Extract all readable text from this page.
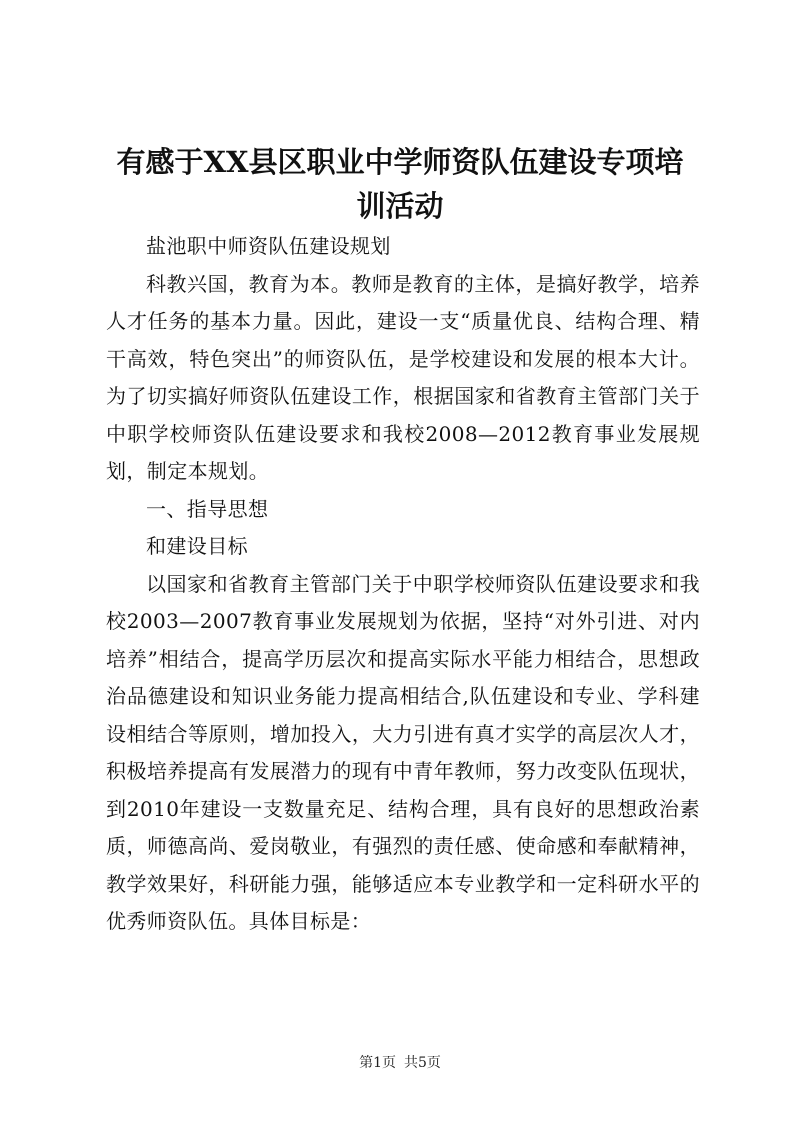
有感于XX县区职业中学师资队伍建设专项培
训活动

盐池职中师资队伍建设规划

科教兴国，教育为本。教师是教育的主体，是搞好教学，培养人才任务的基本力量。因此，建设一支“质量优良、结构合理、精干高效，特色突出”的师资队伍，是学校建设和发展的根本大计。为了切实搞好师资队伍建设工作，根据国家和省教育主管部门关于中职学校师资队伍建设要求和我校2008—2012教育事业发展规划，制定本规划。

一、指导思想

和建设目标

以国家和省教育主管部门关于中职学校师资队伍建设要求和我校2003—2007教育事业发展规划为依据，坚持“对外引进、对内培养”相结合，提高学历层次和提高实际水平能力相结合，思想政治品德建设和知识业务能力提高相结合,队伍建设和专业、学科建设相结合等原则，增加投入，大力引进有真才实学的高层次人才，积极培养提高有发展潜力的现有中青年教师，努力改变队伍现状，到2010年建设一支数量充足、结构合理，具有良好的思想政治素质，师德高尚、爱岗敬业，有强烈的责任感、使命感和奉献精神，教学效果好，科研能力强，能够适应本专业教学和一定科研水平的优秀师资队伍。具体目标是：

第1页 共5页
